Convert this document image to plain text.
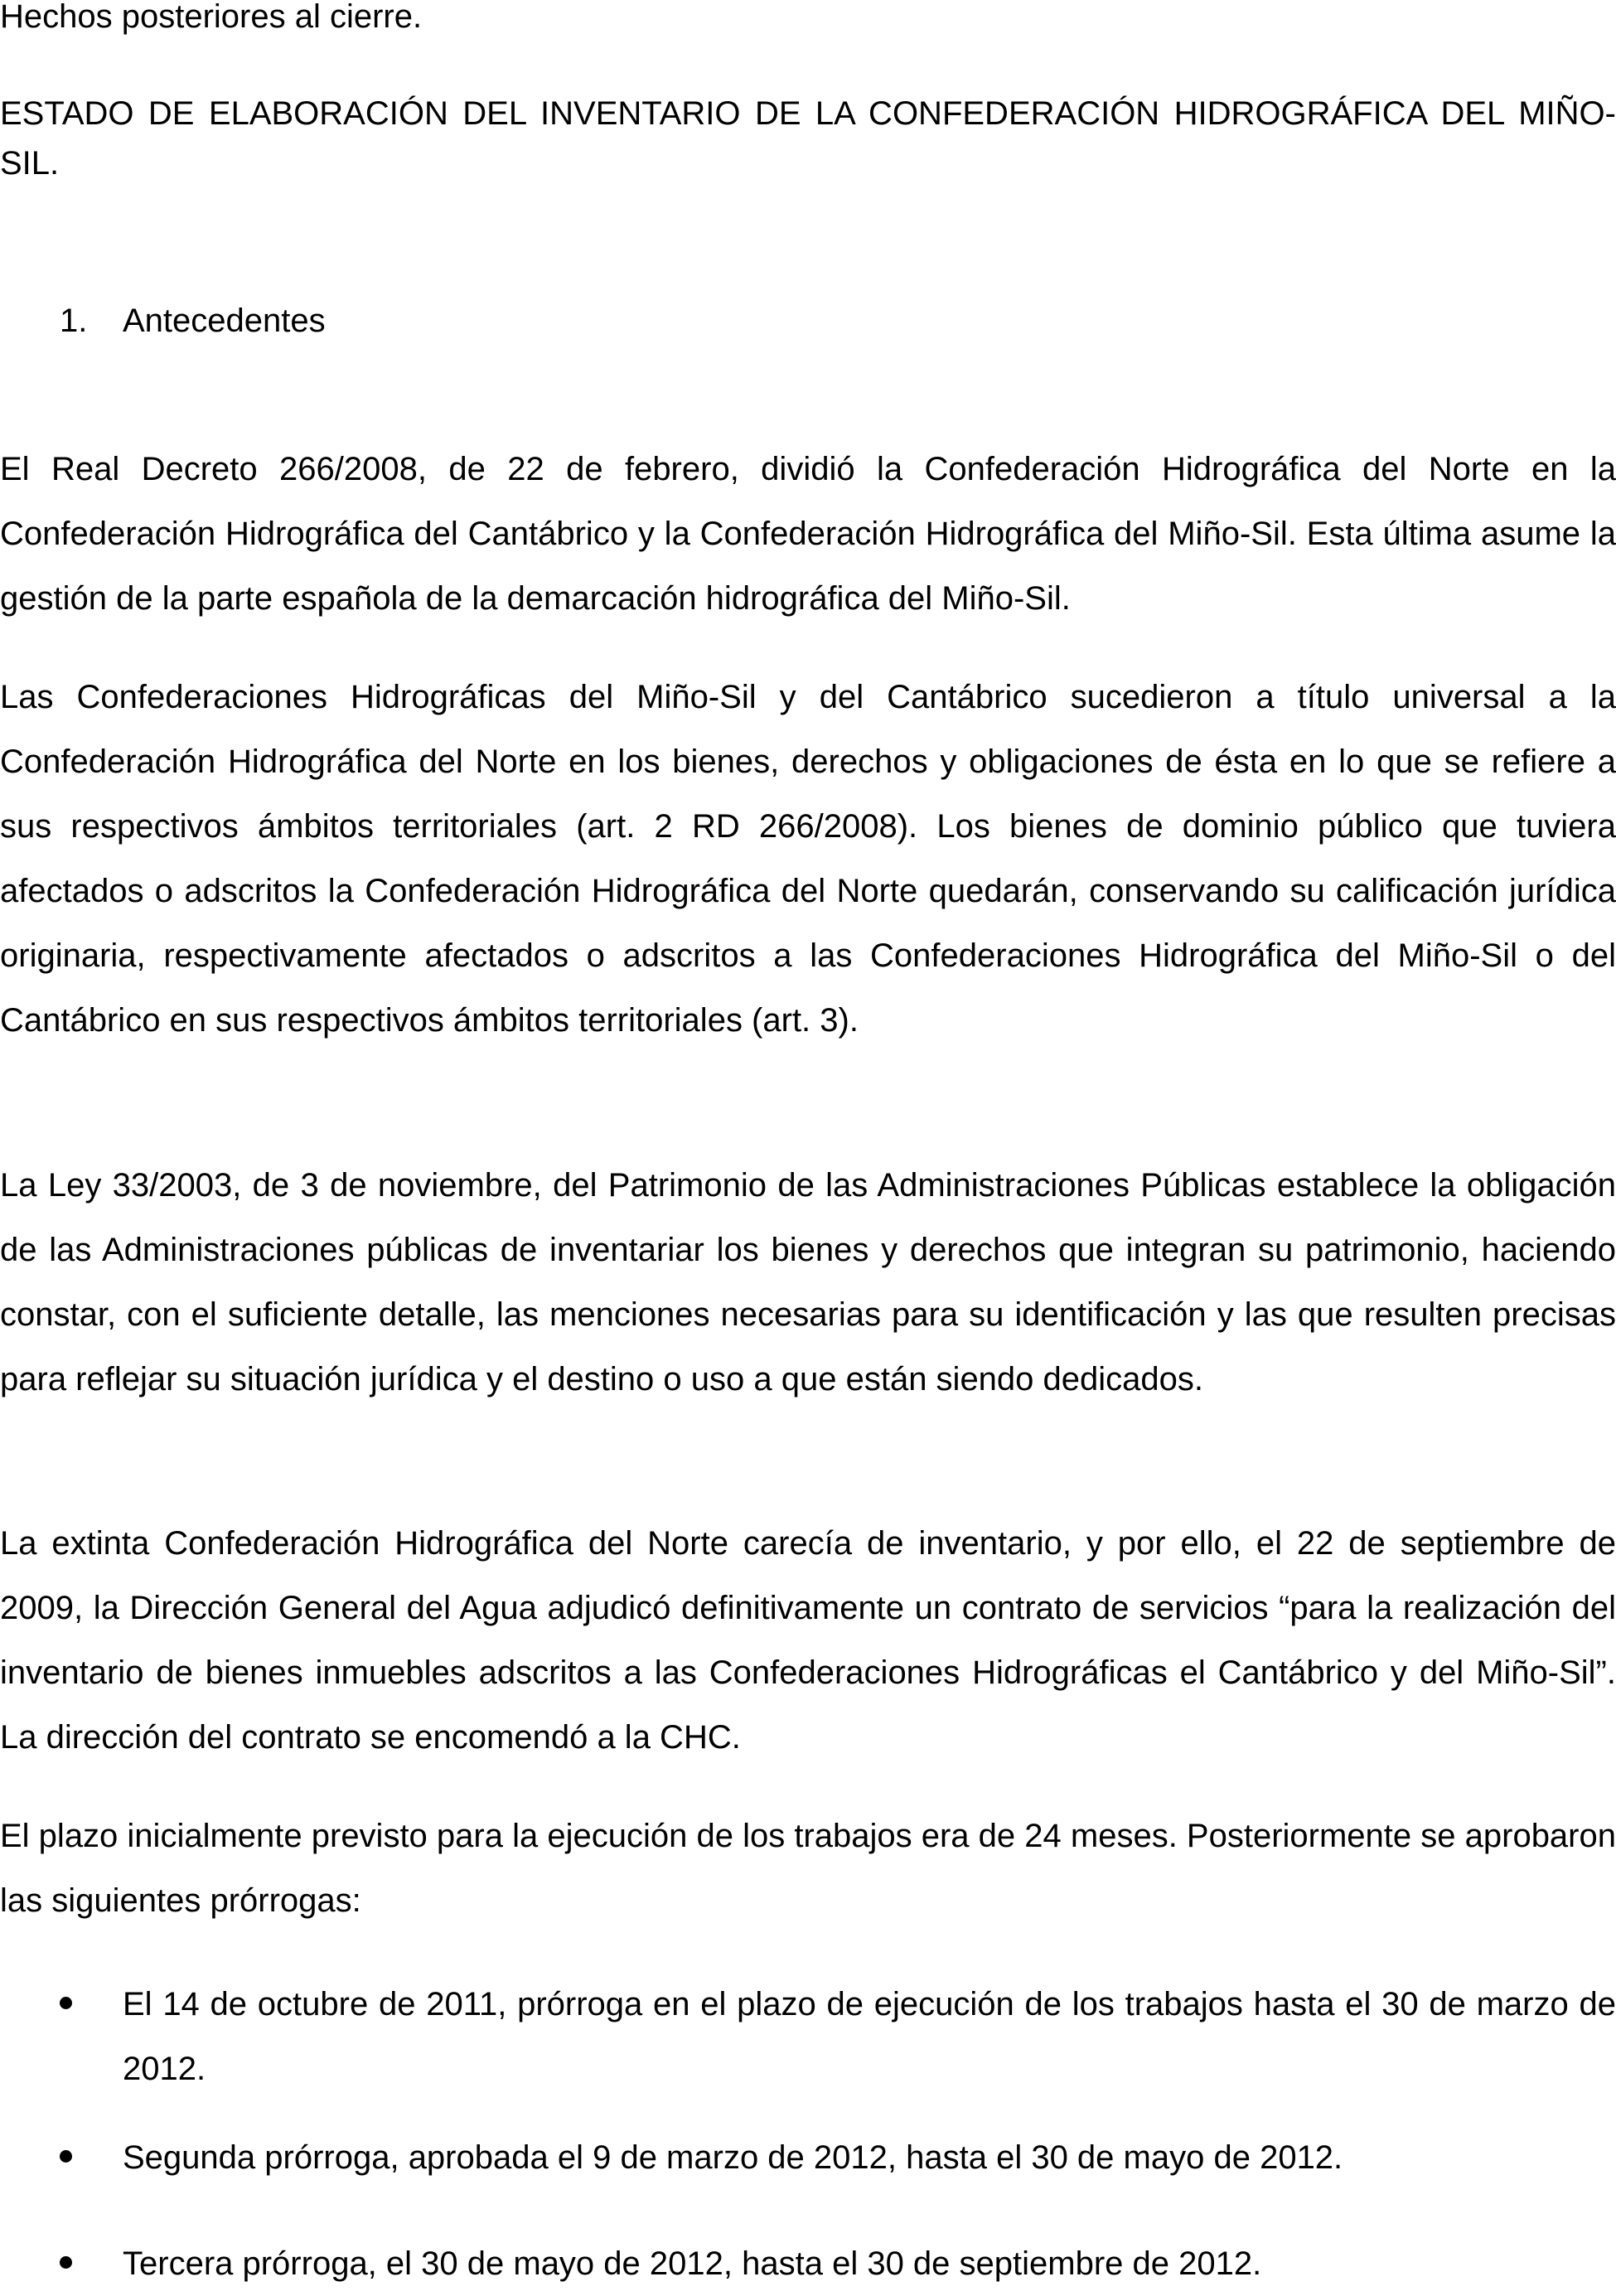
Hechos posteriores al cierre.

ESTADO DE ELABORACIÓN DEL INVENTARIO DE LA CONFEDERACIÓN HIDROGRÁFICA DEL MIÑO-SIL.

1. Antecedentes

El Real Decreto 266/2008, de 22 de febrero, dividió la Confederación Hidrográfica del Norte en la Confederación Hidrográfica del Cantábrico y la Confederación Hidrográfica del Miño-Sil. Esta última asume la gestión de la parte española de la demarcación hidrográfica del Miño-Sil.

Las Confederaciones Hidrográficas del Miño-Sil y del Cantábrico sucedieron a título universal a la Confederación Hidrográfica del Norte en los bienes, derechos y obligaciones de ésta en lo que se refiere a sus respectivos ámbitos territoriales (art. 2 RD 266/2008). Los bienes de dominio público que tuviera afectados o adscritos la Confederación Hidrográfica del Norte quedarán, conservando su calificación jurídica originaria, respectivamente afectados o adscritos a las Confederaciones Hidrográfica del Miño-Sil o del Cantábrico en sus respectivos ámbitos territoriales (art. 3).

La Ley 33/2003, de 3 de noviembre, del Patrimonio de las Administraciones Públicas establece la obligación de las Administraciones públicas de inventariar los bienes y derechos que integran su patrimonio, haciendo constar, con el suficiente detalle, las menciones necesarias para su identificación y las que resulten precisas para reflejar su situación jurídica y el destino o uso a que están siendo dedicados.

La extinta Confederación Hidrográfica del Norte carecía de inventario, y por ello, el 22 de septiembre de 2009, la Dirección General del Agua adjudicó definitivamente un contrato de servicios “para la realización del inventario de bienes inmuebles adscritos a las Confederaciones Hidrográficas el Cantábrico y del Miño-Sil”. La dirección del contrato se encomendó a la CHC.

El plazo inicialmente previsto para la ejecución de los trabajos era de 24 meses. Posteriormente se aprobaron las siguientes prórrogas:

El 14 de octubre de 2011, prórroga en el plazo de ejecución de los trabajos hasta el 30 de marzo de 2012.

Segunda prórroga, aprobada el 9 de marzo de 2012, hasta el 30 de mayo de 2012.

Tercera prórroga, el 30 de mayo de 2012, hasta el 30 de septiembre de 2012.
